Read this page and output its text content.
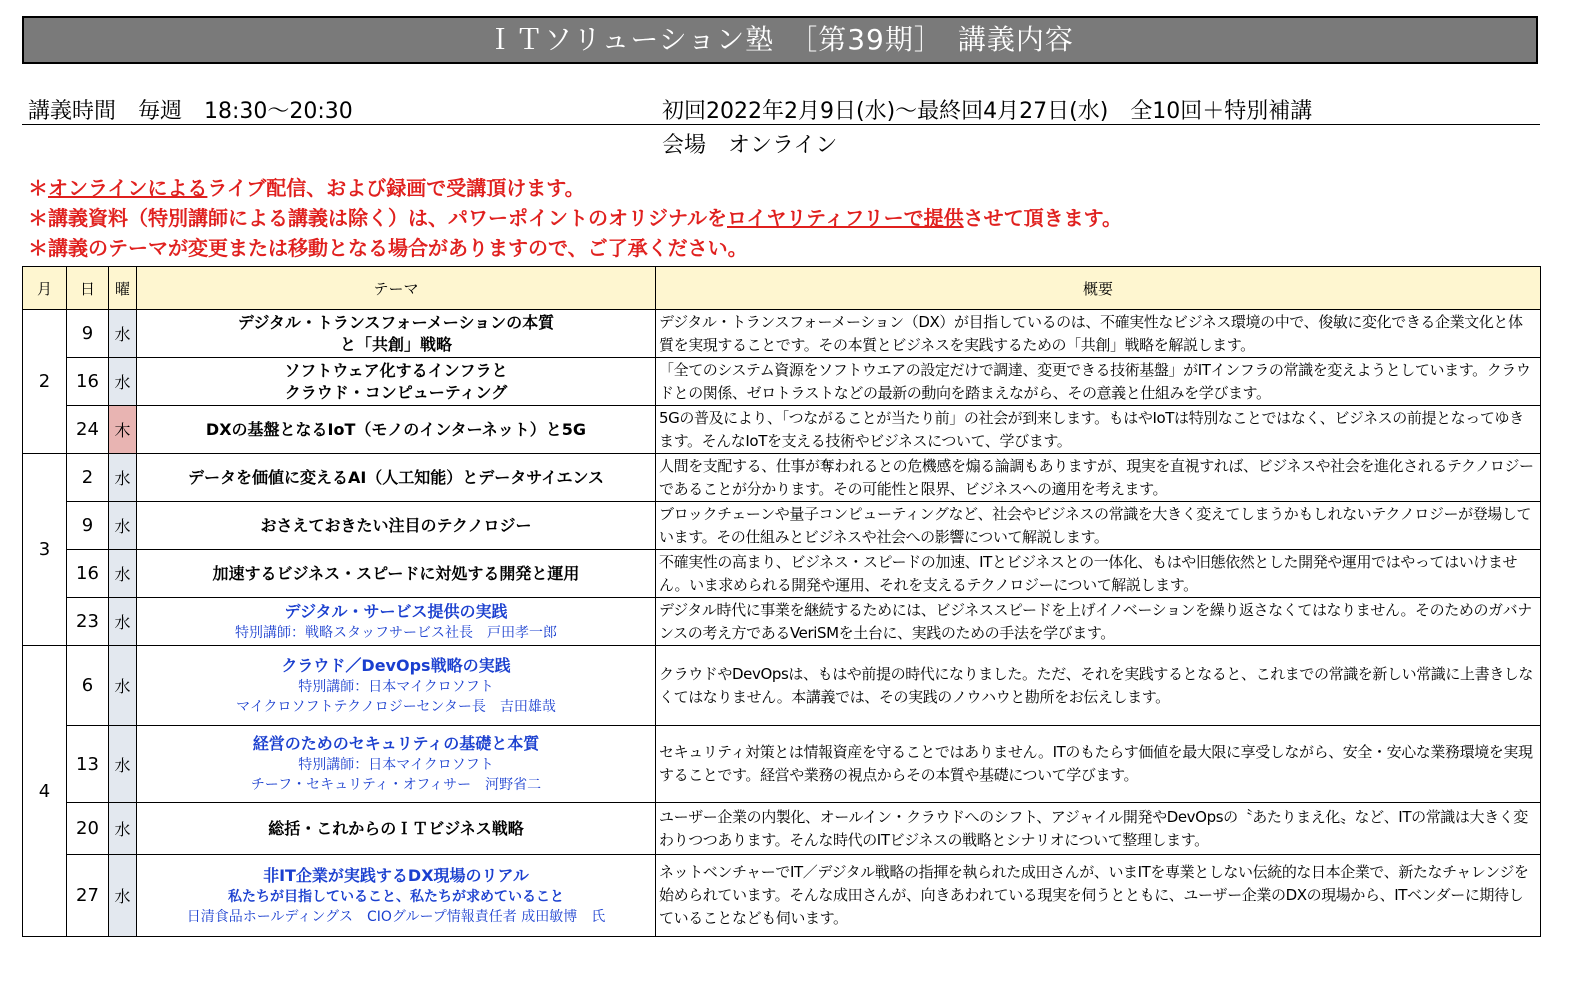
ＩＴソリューション塾　［第39期］　講義内容
講義時間　毎週　18:30～20:30	初回2022年2月9日(水)～最終回4月27日(水)　全10回＋特別補講
会場　オンライン
＊オンラインによるライブ配信、および録画で受講頂けます。
＊講義資料（特別講師による講義は除く）は、パワーポイントのオリジナルをロイヤリティフリーで提供させて頂きます。
＊講義のテーマが変更または移動となる場合がありますので、ご了承ください。
月	日	曜	テーマ	概要
2	9	水	デジタル・トランスフォーメーションの本質
と「共創」戦略	デジタル・トランスフォーメーション（DX）が目指しているのは、不確実性なビジネス環境の中で、俊敏に変化できる企業文化と体質を実現することです。その本質とビジネスを実践するための「共創」戦略を解説します。

	16	水	ソフトウェア化するインフラと
クラウド・コンピューティング	「全てのシステム資源をソフトウエアの設定だけで調達、変更できる技術基盤」がITインフラの常識を変えようとしています。クラウドとの関係、ゼロトラストなどの最新の動向を踏まえながら、その意義と仕組みを学びます。

	24	木	DXの基盤となるIoT（モノのインターネット）と5G	5Gの普及により、「つながることが当たり前」の社会が到来します。もはやIoTは特別なことではなく、ビジネスの前提となってゆきます。そんなIoTを支える技術やビジネスについて、学びます。

3	2	水	データを価値に変えるAI（人工知能）とデータサイエンス	人間を支配する、仕事が奪われるとの危機感を煽る論調もありますが、現実を直視すれば、ビジネスや社会を進化されるテクノロジーであることが分かります。その可能性と限界、ビジネスへの適用を考えます。

	9	水	おさえておきたい注目のテクノロジー	ブロックチェーンや量子コンピューティングなど、社会やビジネスの常識を大きく変えてしまうかもしれないテクノロジーが登場しています。その仕組みとビジネスや社会への影響について解説します。

	16	水	加速するビジネス・スピードに対処する開発と運用	不確実性の高まり、ビジネス・スピードの加速、ITとビジネスとの一体化、もはや旧態依然とした開発や運用ではやってはいけません。いま求められる開発や運用、それを支えるテクノロジーについて解説します。

	23	水	デジタル・サービス提供の実践
特別講師：戦略スタッフサービス社長　戸田孝一郎	デジタル時代に事業を継続するためには、ビジネススピードを上げイノベーションを繰り返さなくてはなりません。そのためのガバナンスの考え方であるVeriSMを土台に、実践のための手法を学びます。

4	6	水	クラウド／DevOps戦略の実践
特別講師：日本マイクロソフト
マイクロソフトテクノロジーセンター長　吉田雄哉	クラウドやDevOpsは、もはや前提の時代になりました。ただ、それを実践するとなると、これまでの常識を新しい常識に上書きしなくてはなりません。本講義では、その実践のノウハウと勘所をお伝えします。

	13	水	経営のためのセキュリティの基礎と本質
特別講師：日本マイクロソフト
チーフ・セキュリティ・オフィサー　河野省二	セキュリティ対策とは情報資産を守ることではありません。ITのもたらす価値を最大限に享受しながら、安全・安心な業務環境を実現することです。経営や業務の視点からその本質や基礎について学びます。

	20	水	総括・これからのＩＴビジネス戦略	ユーザー企業の内製化、オールイン・クラウドへのシフト、アジャイル開発やDevOpsの〝あたりまえ化〟など、ITの常識は大きく変わりつつあります。そんな時代のITビジネスの戦略とシナリオについて整理します。

	27	水	非IT企業が実践するDX現場のリアル
私たちが目指していること、私たちが求めていること
日清食品ホールディングス　CIOグループ情報責任者 成田敏博　氏	ネットベンチャーでIT／デジタル戦略の指揮を執られた成田さんが、いまITを専業としない伝統的な日本企業で、新たなチャレンジを始められています。そんな成田さんが、向きあわれている現実を伺うとともに、ユーザー企業のDXの現場から、ITベンダーに期待していることなども伺います。
